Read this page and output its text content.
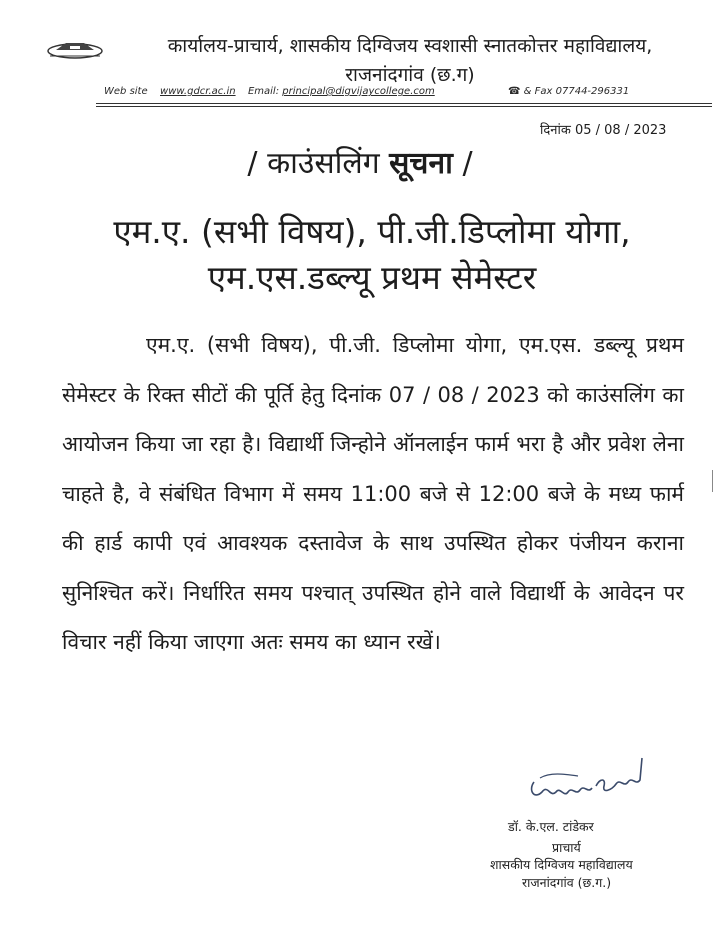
कार्यालय-प्राचार्य, शासकीय दिग्विजय स्वशासी स्नातकोत्तर महाविद्यालय,
राजनांदगांव (छ.ग)
Web site www.gdcr.ac.in Email: principal@digvijaycollege.com	☎ & Fax 07744-296331
दिनांक 05 / 08 / 2023
/ काउंसलिंग सूचना /
एम.ए. (सभी विषय), पी.जी.डिप्लोमा योगा,
एम.एस.डब्ल्यू प्रथम सेमेस्टर
एम.ए. (सभी विषय), पी.जी. डिप्लोमा योगा, एम.एस. डब्ल्यू प्रथम सेमेस्टर के रिक्त सीटों की पूर्ति हेतु दिनांक 07 / 08 / 2023 को काउंसलिंग का आयोजन किया जा रहा है। विद्यार्थी जिन्होने ऑनलाईन फार्म भरा है और प्रवेश लेना चाहते है, वे संबंधित विभाग में समय 11:00 बजे से 12:00 बजे के मध्य फार्म की हार्ड कापी एवं आवश्यक दस्तावेज के साथ उपस्थित होकर पंजीयन कराना सुनिश्चित करें। निर्धारित समय पश्चात् उपस्थित होने वाले विद्यार्थी के आवेदन पर विचार नहीं किया जाएगा अतः समय का ध्यान रखें।
डॉ. के.एल. टांडेकर
प्राचार्य
शासकीय दिग्विजय महाविद्यालय
राजनांदगांव (छ.ग.)
